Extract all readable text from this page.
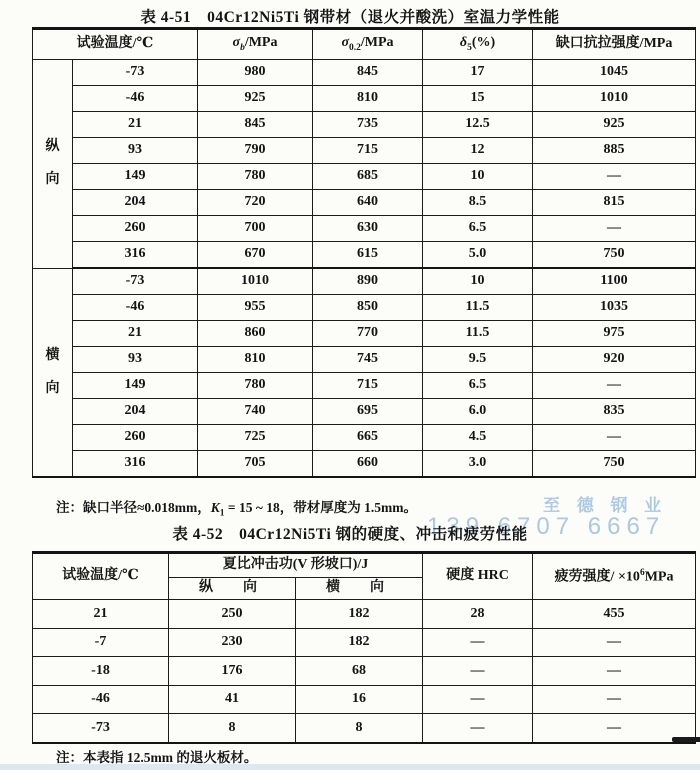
至 德 钢 业
139 6707 6667
表 4-51　04Cr12Ni5Ti 钢带材（退火并酸洗）室温力学性能
试验温度/℃		$\sigma_b$/MPa	$\sigma_{0.2}$/MPa	$\delta_5(\%)$	缺口抗拉强度/MPa

纵
向	-73	980	845	17	1045
	-46	925	810	15	1010
	21	845	735	12.5	925
	93	790	715	12	885
	149	780	685	10	—
	204	720	640	8.5	815
	260	700	630	6.5	—
	316	670	615	5.0	750

横
向	-73	1010	890	10	1100
	-46	955	850	11.5	1035
	21	860	770	11.5	975
	93	810	745	9.5	920
	149	780	715	6.5	—
	204	740	695	6.0	835
	260	725	665	4.5	—
	316	705	660	3.0	750
注：缺口半径≈0.018mm，$K_1 = 15$ ~ 18，带材厚度为 1.5mm。
表 4-52　04Cr12Ni5Ti 钢的硬度、冲击和疲劳性能
试验温度/℃	夏比冲击功(V 形坡口)/J		硬度 HRC	疲劳强度/ $\times 10^6MPa$
	纵　向	横　向		
21	250	182	28	455
-7	230	182	—	—
-18	176	68	—	—
-46	41	16	—	—
-73	8	8	—	—
注：本表指 12.5mm 的退火板材。
